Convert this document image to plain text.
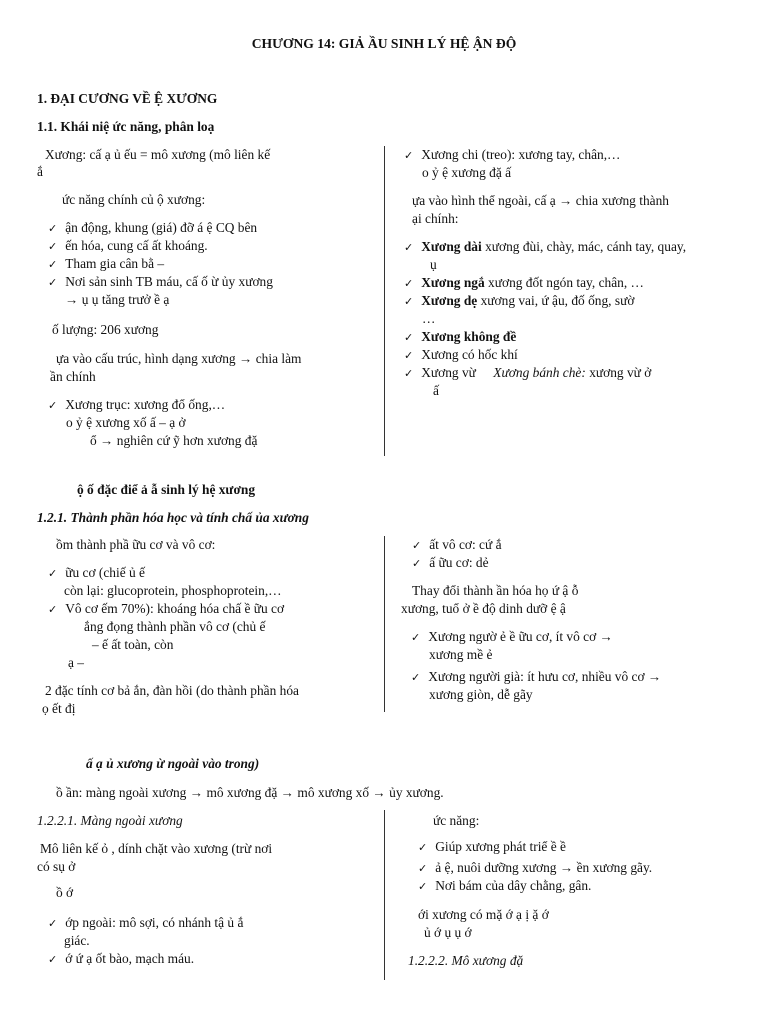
CHƯƠNG 14: GIẢ ẦU SINH LÝ HỆ ẬN ĐỘ
1. ĐẠI CƯƠNG VỀ Ệ XƯƠNG
1.1. Khái niệ ức năng, phân loạ
Xương: cấ ạ ủ ếu = mô xương (mô liên kế
ắ
ức năng chính củ ộ xương:
✓ ận động, khung (giá) đỡ á ệ CQ bên
✓ ến hóa, cung cấ ất khoáng.
✓ Tham gia cân bằ –
✓ Nơi sản sinh TB máu, cấ ố ừ ủy xương
→ ụ ụ tăng trưở ề ạ
ố lượng: 206 xương
ựa vào cấu trúc, hình dạng xương → chia làm
ần chính
✓ Xương trục: xương đổ ống,…
o ỷ ệ xương xố ấ – ạ ở
ổ → nghiên cứ ỹ hơn xương đặ
✓ Xương chi (treo): xương tay, chân,…
o ỷ ệ xương đặ ấ
ựa vào hình thể ngoài, cấ ạ → chia xương thành
ại chính:
✓ Xương dài xương đùi, chày, mác, cánh tay, quay,
ụ
✓ Xương ngắ xương đốt ngón tay, chân, …
✓ Xương dẹ xương vai, ứ ậu, đố ống, sườ
…
✓ Xương không đề
✓ Xương có hốc khí
✓ Xương vừ Xương bánh chè: xương vừ ở
ấ
ộ ố đặc điể ả ẫ sinh lý hệ xương
1.2.1. Thành phần hóa học và tính chấ ủa xương
ồm thành phầ ữu cơ và vô cơ:
✓ ữu cơ (chiế ủ ế
còn lại: glucoprotein, phosphoprotein,…
✓ Vô cơ ếm 70%): khoáng hóa chấ ề ữu cơ
ắng đọng thành phần vô cơ (chủ ế
– ế ất toàn, còn
ạ –
2 đặc tính cơ bả ắn, đàn hồi (do thành phần hóa
ọ ết đị
✓ ất vô cơ: cứ ắ
✓ ấ ữu cơ: dẻ
Thay đổi thành ần hóa họ ứ ậ ỗ
xương, tuổ ở ề độ dinh dưỡ ệ ậ
✓ Xương ngườ ẻ ề ữu cơ, ít vô cơ →
xương mề ẻ
✓ Xương người già: ít hưu cơ, nhiều vô cơ →
xương giòn, dễ gãy
ấ ạ ủ xương ừ ngoài vào trong)
ồ ần: màng ngoài xương → mô xương đặ → mô xương xố → ủy xương.
1.2.2.1. Màng ngoài xương
Mô liên kế ỏ , dính chặt vào xương (trừ nơi
có sụ ở
ồ ớ
✓ ớp ngoài: mô sợi, có nhánh tậ ủ ắ
giác.
✓ ớ ứ ạ ốt bào, mạch máu.
ức năng:
✓ Giúp xương phát triể ề ề
✓ ả ệ, nuôi dưỡng xương → ền xương gãy.
✓ Nơi bám của dây chằng, gân.
ới xương có mặ ớ ạ ị ặ ớ
ủ ớ ụ ụ ớ
1.2.2.2. Mô xương đặ
